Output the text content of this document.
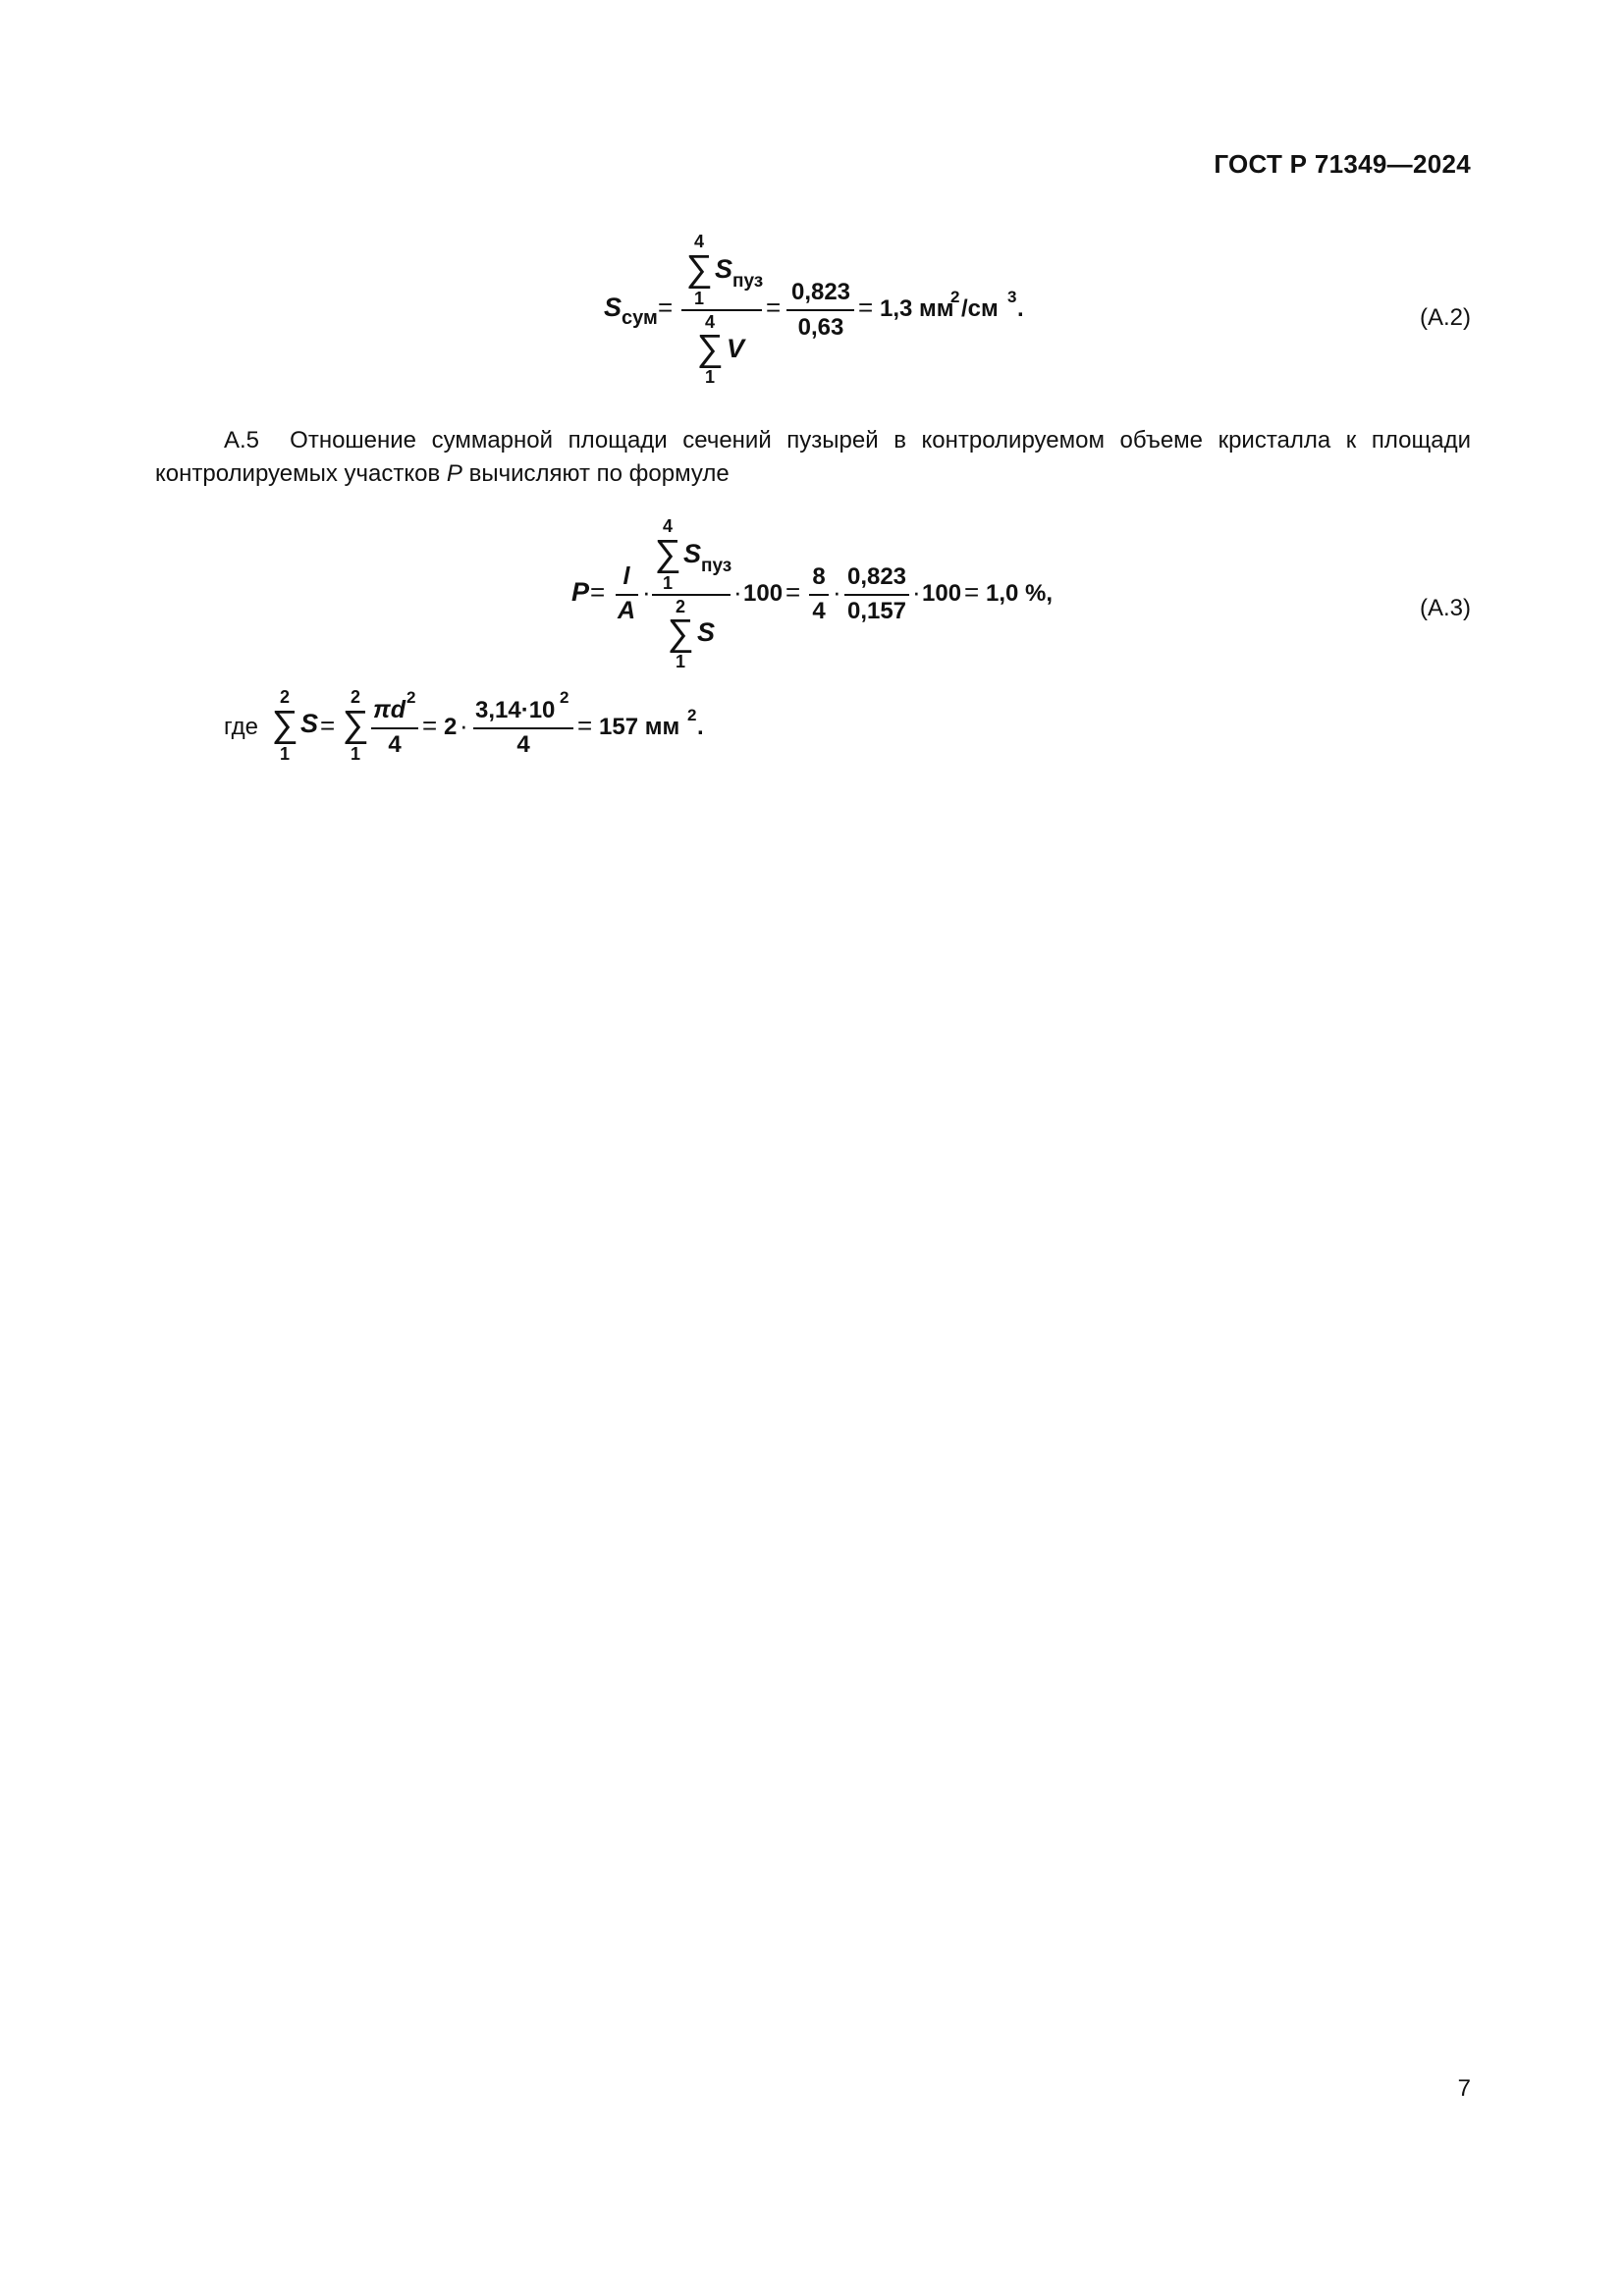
ГОСТ Р 71349—2024
S сум =
4
∑
1
S пуз
4
∑
1
V
=
0,823
0,63
= 1,3 мм
2 /см 3 .	(А.2)
А.5 Отношение суммарной площади сечений пузырей в контролируемом объеме кристалла к площади контролируемых участков P вычисляют по формуле
P =
l
A
·
4
∑
1
S пуз
2
∑
1
S
· 100 =
8
4
·
0,823
0,157
· 100 = 1,0 %,
(А.3)
где
2
∑
1
S =
2
∑
1
πd 2
4
= 2 ·
3,14·10 2
4
= 157 мм 2 .
7
